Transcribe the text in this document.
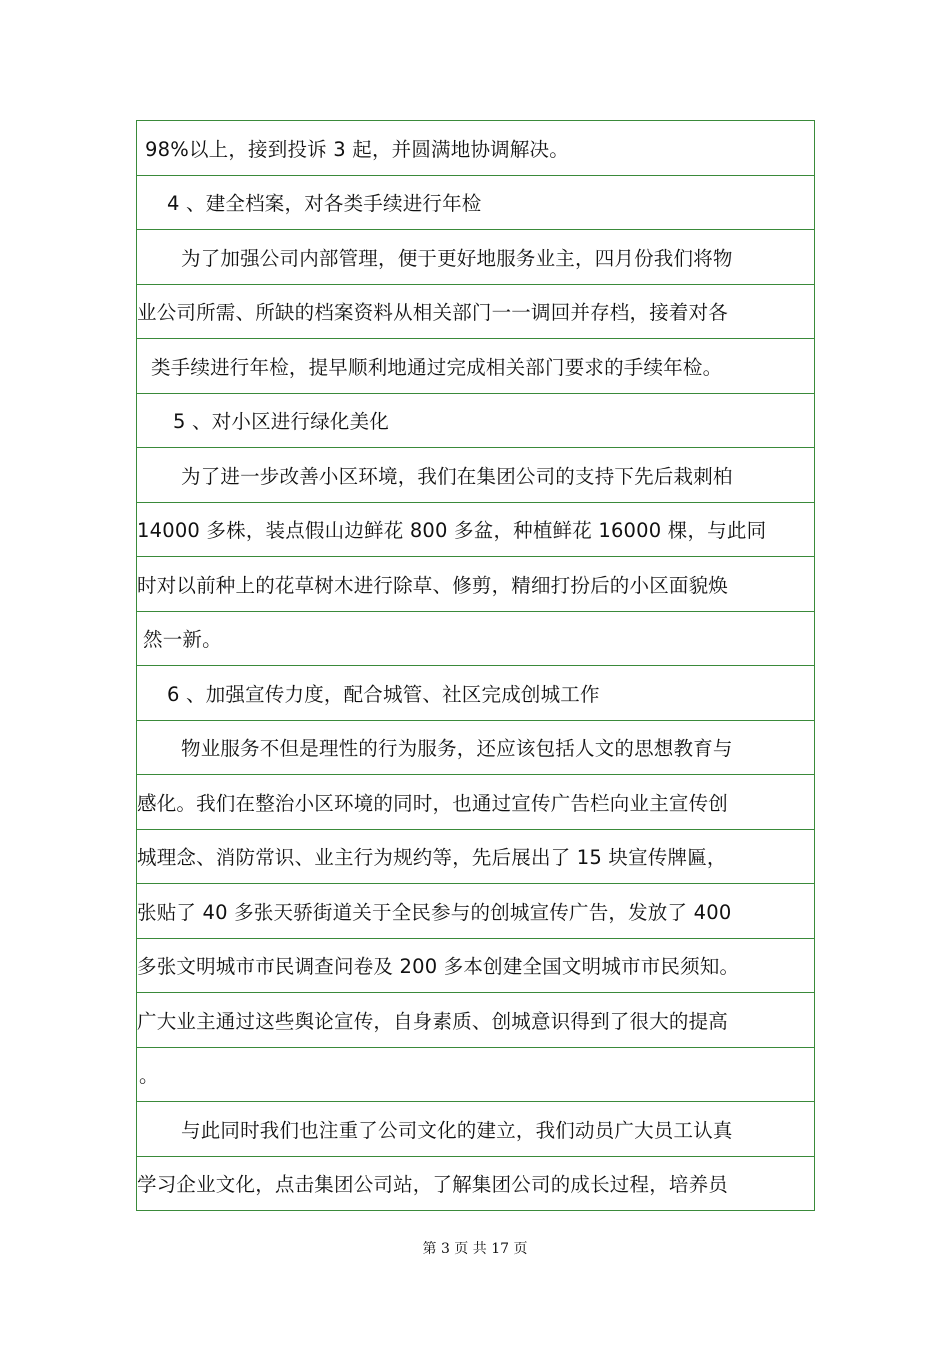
98%以上，接到投诉 3 起，并圆满地协调解决。
4 、建全档案，对各类手续进行年检
为了加强公司内部管理，便于更好地服务业主，四月份我们将物
业公司所需、所缺的档案资料从相关部门一一调回并存档，接着对各
类手续进行年检，提早顺利地通过完成相关部门要求的手续年检。
5 、对小区进行绿化美化
为了进一步改善小区环境，我们在集团公司的支持下先后栽刺柏
14000 多株，装点假山边鲜花 800 多盆，种植鲜花 16000 棵，与此同
时对以前种上的花草树木进行除草、修剪，精细打扮后的小区面貌焕
然一新。
6 、加强宣传力度，配合城管、社区完成创城工作
物业服务不但是理性的行为服务，还应该包括人文的思想教育与
感化。我们在整治小区环境的同时，也通过宣传广告栏向业主宣传创
城理念、消防常识、业主行为规约等，先后展出了 15 块宣传牌匾，
张贴了 40 多张天骄街道关于全民参与的创城宣传广告，发放了 400
多张文明城市市民调查问卷及 200 多本创建全国文明城市市民须知。
广大业主通过这些舆论宣传，自身素质、创城意识得到了很大的提高
。
与此同时我们也注重了公司文化的建立，我们动员广大员工认真
学习企业文化，点击集团公司站，了解集团公司的成长过程，培养员
第 3 页 共 17 页
